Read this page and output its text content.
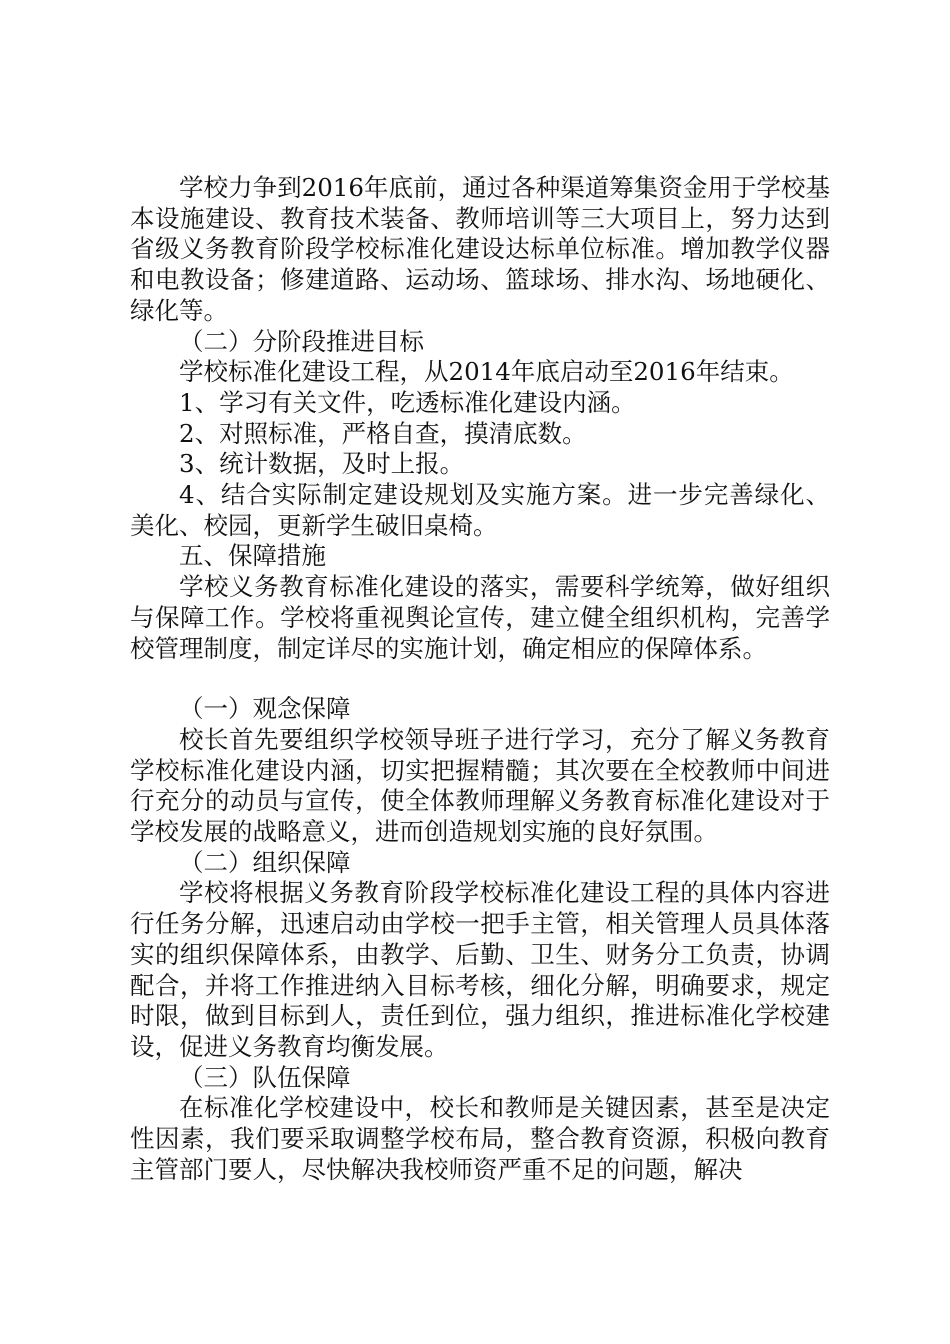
学校力争到2016年底前，通过各种渠道筹集资金用于学校基本设施建设、教育技术装备、教师培训等三大项目上，努力达到省级义务教育阶段学校标准化建设达标单位标准。增加教学仪器和电教设备；修建道路、运动场、篮球场、排水沟、场地硬化、绿化等。

（二）分阶段推进目标

学校标准化建设工程，从2014年底启动至2016年结束。

1、学习有关文件，吃透标准化建设内涵。

2、对照标准，严格自查，摸清底数。

3、统计数据，及时上报。

4、结合实际制定建设规划及实施方案。进一步完善绿化、美化、校园，更新学生破旧桌椅。

五、保障措施

学校义务教育标准化建设的落实，需要科学统筹，做好组织与保障工作。学校将重视舆论宣传，建立健全组织机构，完善学校管理制度，制定详尽的实施计划，确定相应的保障体系。

（一）观念保障

校长首先要组织学校领导班子进行学习，充分了解义务教育学校标准化建设内涵，切实把握精髓；其次要在全校教师中间进行充分的动员与宣传，使全体教师理解义务教育标准化建设对于学校发展的战略意义，进而创造规划实施的良好氛围。

（二）组织保障

学校将根据义务教育阶段学校标准化建设工程的具体内容进行任务分解，迅速启动由学校一把手主管，相关管理人员具体落实的组织保障体系，由教学、后勤、卫生、财务分工负责，协调配合，并将工作推进纳入目标考核，细化分解，明确要求，规定时限，做到目标到人，责任到位，强力组织，推进标准化学校建设，促进义务教育均衡发展。

（三）队伍保障

在标准化学校建设中，校长和教师是关键因素，甚至是决定性因素，我们要采取调整学校布局，整合教育资源，积极向教育主管部门要人，尽快解决我校师资严重不足的问题，解决
